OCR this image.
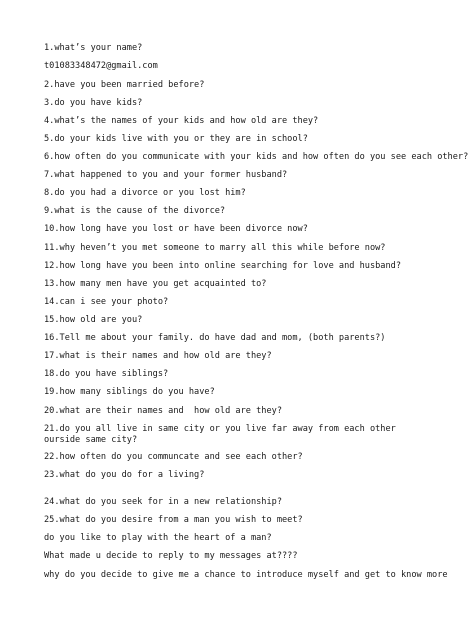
1.what’s your name?

t01083348472@gmail.com

2.have you been married before?

3.do you have kids?

4.what’s the names of your kids and how old are they?

5.do your kids live with you or they are in school?

6.how often do you communicate with your kids and how often do you see each other?

7.what happened to you and your former husband?

8.do you had a divorce or you lost him?

9.what is the cause of the divorce?

10.how long have you lost or have been divorce now?

11.why heven’t you met someone to marry all this while before now?

12.how long have you been into online searching for love and husband?

13.how many men have you get acquainted to?

14.can i see your photo?

15.how old are you?

16.Tell me about your family. do have dad and mom, (both parents?)

17.what is their names and how old are they?

18.do you have siblings?

19.how many siblings do you have?

20.what are their names and  how old are they?

21.do you all live in same city or you live far away from each other ourside same city?

22.how often do you communcate and see each other?

23.what do you do for a living?

24.what do you seek for in a new relationship?

25.what do you desire from a man you wish to meet?

do you like to play with the heart of a man?

What made u decide to reply to my messages at????

why do you decide to give me a chance to introduce myself and get to know more
